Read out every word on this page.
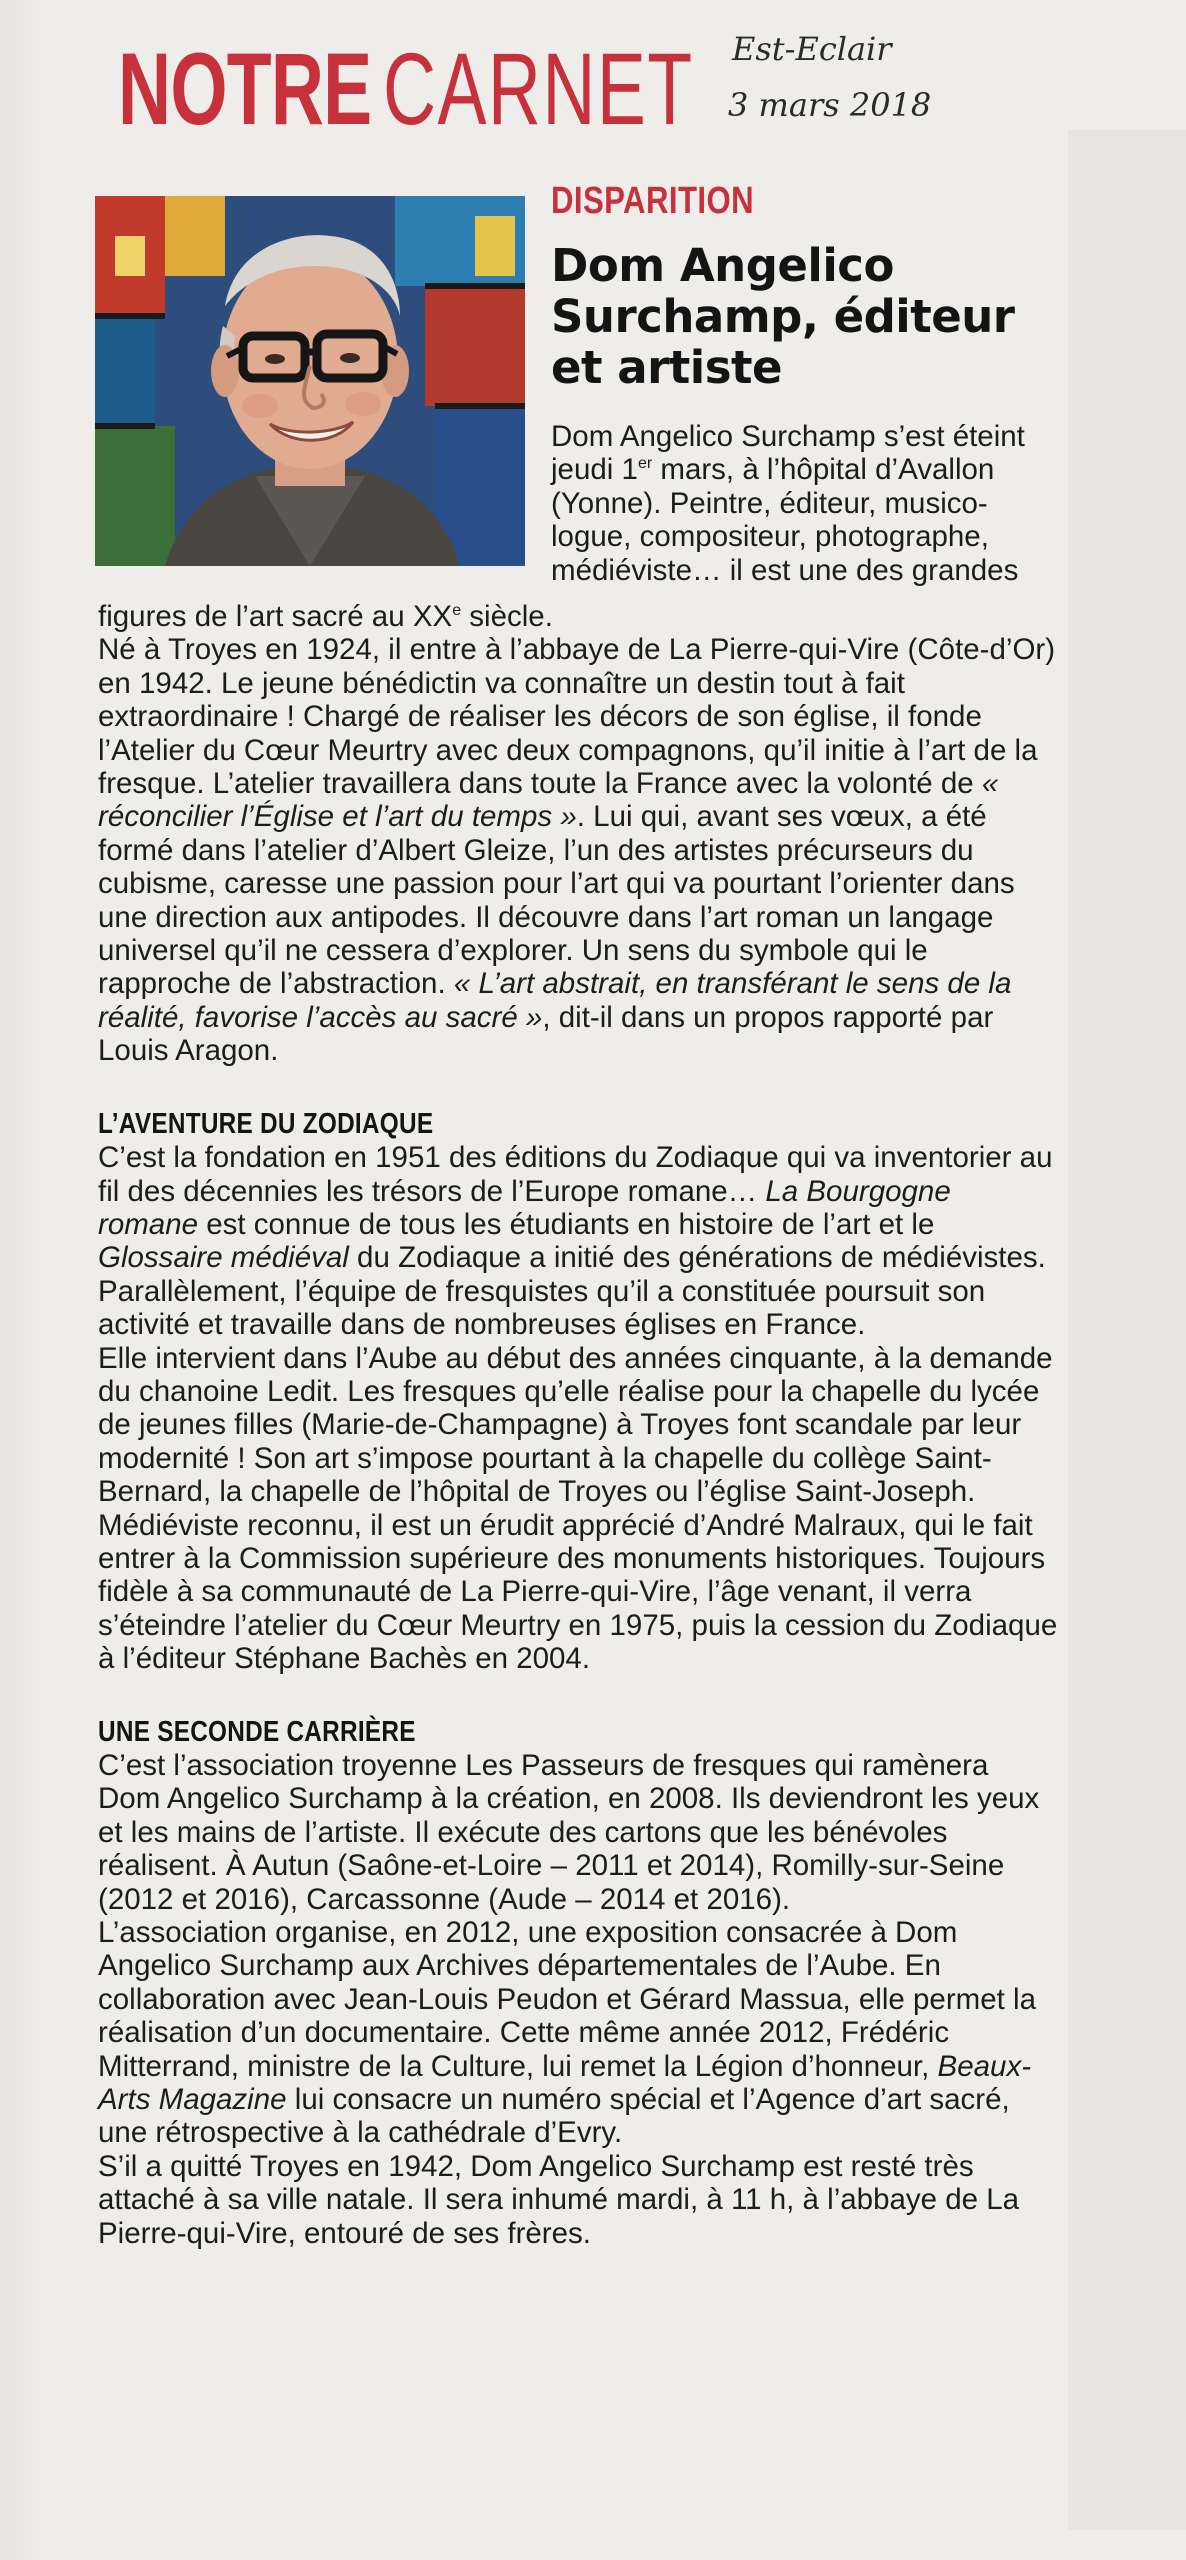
NOTRE CARNET Est-Eclair
3 mars 2018
DISPARITION
Dom Angelico Surchamp, éditeur et artiste
Dom Angelico Surchamp s’est éteint
jeudi 1er mars, à l’hôpital d’Avallon
(Yonne). Peintre, éditeur, musico-
logue, compositeur, photographe,
médiéviste… il est une des grandes

figures de l’art sacré au XXe siècle.

Né à Troyes en 1924, il entre à l’abbaye de La Pierre-qui-Vire (Côte-d’Or) en 1942. Le jeune bénédictin va connaître un destin tout à fait extraordinaire ! Chargé de réaliser les décors de son église, il fonde l’Atelier du Cœur Meurtry avec deux compagnons, qu’il initie à l’art de la fresque. L’atelier travaillera dans toute la France avec la volonté de « réconcilier l’Église et l’art du temps ». Lui qui, avant ses vœux, a été formé dans l’atelier d’Albert Gleize, l’un des artistes précurseurs du cubisme, caresse une passion pour l’art qui va pourtant l’orienter dans une direction aux antipodes. Il découvre dans l’art roman un langage universel qu’il ne cessera d’explorer. Un sens du symbole qui le rapproche de l’abstraction. « L’art abstrait, en transférant le sens de la réalité, favorise l’accès au sacré », dit-il dans un propos rapporté par Louis Aragon.

L’AVENTURE DU ZODIAQUE

C’est la fondation en 1951 des éditions du Zodiaque qui va inventorier au fil des décennies les trésors de l’Europe romane… La Bourgogne romane est connue de tous les étudiants en histoire de l’art et le Glossaire médiéval du Zodiaque a initié des générations de médiévistes. Parallèlement, l’équipe de fresquistes qu’il a constituée poursuit son activité et travaille dans de nombreuses églises en France.

Elle intervient dans l’Aube au début des années cinquante, à la demande du chanoine Ledit. Les fresques qu’elle réalise pour la chapelle du lycée de jeunes filles (Marie-de-Champagne) à Troyes font scandale par leur modernité ! Son art s’impose pourtant à la chapelle du collège Saint-Bernard, la chapelle de l’hôpital de Troyes ou l’église Saint-Joseph.

Médiéviste reconnu, il est un érudit apprécié d’André Malraux, qui le fait entrer à la Commission supérieure des monuments historiques. Toujours fidèle à sa communauté de La Pierre-qui-Vire, l’âge venant, il verra s’éteindre l’atelier du Cœur Meurtry en 1975, puis la cession du Zodiaque à l’éditeur Stéphane Bachès en 2004.

UNE SECONDE CARRIÈRE

C’est l’association troyenne Les Passeurs de fresques qui ramènera Dom Angelico Surchamp à la création, en 2008. Ils deviendront les yeux et les mains de l’artiste. Il exécute des cartons que les bénévoles réalisent. À Autun (Saône-et-Loire – 2011 et 2014), Romilly-sur-Seine (2012 et 2016), Carcassonne (Aude – 2014 et 2016).

L’association organise, en 2012, une exposition consacrée à Dom Angelico Surchamp aux Archives départementales de l’Aube. En collaboration avec Jean-Louis Peudon et Gérard Massua, elle permet la réalisation d’un documentaire. Cette même année 2012, Frédéric Mitterrand, ministre de la Culture, lui remet la Légion d’honneur, Beaux-Arts Magazine lui consacre un numéro spécial et l’Agence d’art sacré, une rétrospective à la cathédrale d’Evry.

S’il a quitté Troyes en 1942, Dom Angelico Surchamp est resté très attaché à sa ville natale. Il sera inhumé mardi, à 11 h, à l’abbaye de La Pierre-qui-Vire, entouré de ses frères.
